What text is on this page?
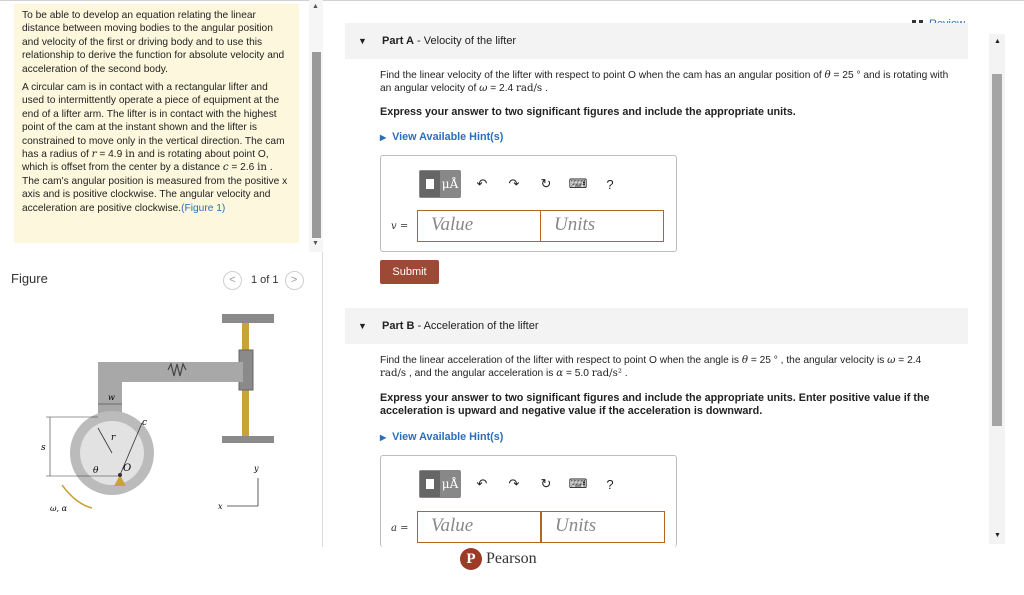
To be able to develop an equation relating the linear distance between moving bodies to the angular position and velocity of the first or driving body and to use this relationship to derive the function for absolute velocity and acceleration of the second body.

A circular cam is in contact with a rectangular lifter and used to intermittently operate a piece of equipment at the end of a lifter arm. The lifter is in contact with the highest point of the cam at the instant shown and the lifter is constrained to move only in the vertical direction. The cam has a radius of r = 4.9 in and is rotating about point O, which is offset from the center by a distance c = 2.6 in . The cam's angular position is measured from the positive x axis and is positive clockwise. The angular velocity and acceleration are positive clockwise.(Figure 1)

▲
▼
Figure	<	1 of 1	>
w
c
r
s
θ O
ω, α
y
x
▼ Part A - Velocity of the lifter
Find the linear velocity of the lifter with respect to point O when the cam has an angular position of θ = 25 ° and is rotating with an angular velocity of ω = 2.4 rad/s .
Express your answer to two significant figures and include the appropriate units.
▶ View Available Hint(s)
μÅ	↶	↷	↻	⌨	?
v =	Value	Units
Submit
▼ Part B - Acceleration of the lifter
Find the linear acceleration of the lifter with respect to point O when the angle is θ = 25 ° , the angular velocity is ω = 2.4 rad/s , and the angular acceleration is α = 5.0 rad/s² .
Express your answer to two significant figures and include the appropriate units. Enter positive value if the acceleration is upward and negative value if the acceleration is downward.
▶ View Available Hint(s)
μÅ	↶	↷	↻	⌨	?
a =	Value	Units
▲
▼
P Pearson
